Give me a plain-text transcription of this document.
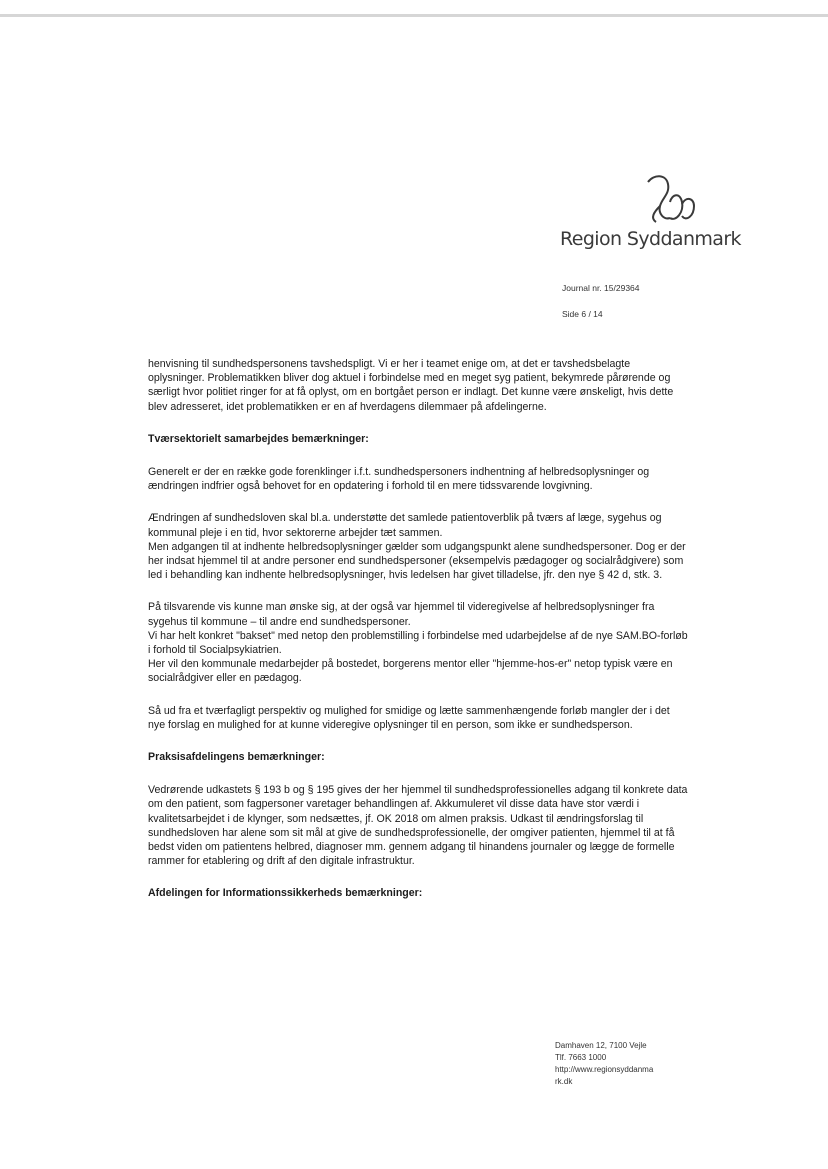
Region Syddanmark
Journal nr. 15/29364
Side 6 / 14

henvisning til sundhedspersonens tavshedspligt. Vi er her i teamet enige om, at det er tavshedsbelagte oplysninger. Problematikken bliver dog aktuel i forbindelse med en meget syg patient, bekymrede pårørende og særligt hvor politiet ringer for at få oplyst, om en bortgået person er indlagt. Det kunne være ønskeligt, hvis dette blev adresseret, idet problematikken er en af hverdagens dilemmaer på afdelingerne.

Tværsektorielt samarbejdes bemærkninger:

Generelt er der en række gode forenklinger i.f.t. sundhedspersoners indhentning af helbredsoplysninger og ændringen indfrier også behovet for en opdatering i forhold til en mere tidssvarende lovgivning.

Ændringen af sundhedsloven skal bl.a. understøtte det samlede patientoverblik på tværs af læge, sygehus og kommunal pleje i en tid, hvor sektorerne arbejder tæt sammen.
Men adgangen til at indhente helbredsoplysninger gælder som udgangspunkt alene sundhedspersoner. Dog er der her indsat hjemmel til at andre personer end sundhedspersoner (eksempelvis pædagoger og socialrådgivere) som led i behandling kan indhente helbredsoplysninger, hvis ledelsen har givet tilladelse, jfr. den nye § 42 d, stk. 3.

På tilsvarende vis kunne man ønske sig, at der også var hjemmel til videregivelse af helbredsoplysninger fra sygehus til kommune – til andre end sundhedspersoner.
Vi har helt konkret "bakset" med netop den problemstilling i forbindelse med udarbejdelse af de nye SAM.BO-forløb i forhold til Socialpsykiatrien.
Her vil den kommunale medarbejder på bostedet, borgerens mentor eller "hjemme-hos-er" netop typisk være en socialrådgiver eller en pædagog.

Så ud fra et tværfagligt perspektiv og mulighed for smidige og lætte sammenhængende forløb mangler der i det nye forslag en mulighed for at kunne videregive oplysninger til en person, som ikke er sundhedsperson.

Praksisafdelingens bemærkninger:

Vedrørende udkastets § 193 b og § 195 gives der her hjemmel til sundhedsprofessionelles adgang til konkrete data om den patient, som fagpersoner varetager behandlingen af. Akkumuleret vil disse data have stor værdi i kvalitetsarbejdet i de klynger, som nedsættes, jf. OK 2018 om almen praksis. Udkast til ændringsforslag til sundhedsloven har alene som sit mål at give de sundhedsprofessionelle, der omgiver patienten, hjemmel til at få bedst viden om patientens helbred, diagnoser mm. gennem adgang til hinandens journaler og lægge de formelle rammer for etablering og drift af den digitale infrastruktur.

Afdelingen for Informationssikkerheds bemærkninger:

Damhaven 12, 7100 Vejle
Tlf. 7663 1000
http://www.regionsyddanma
rk.dk
